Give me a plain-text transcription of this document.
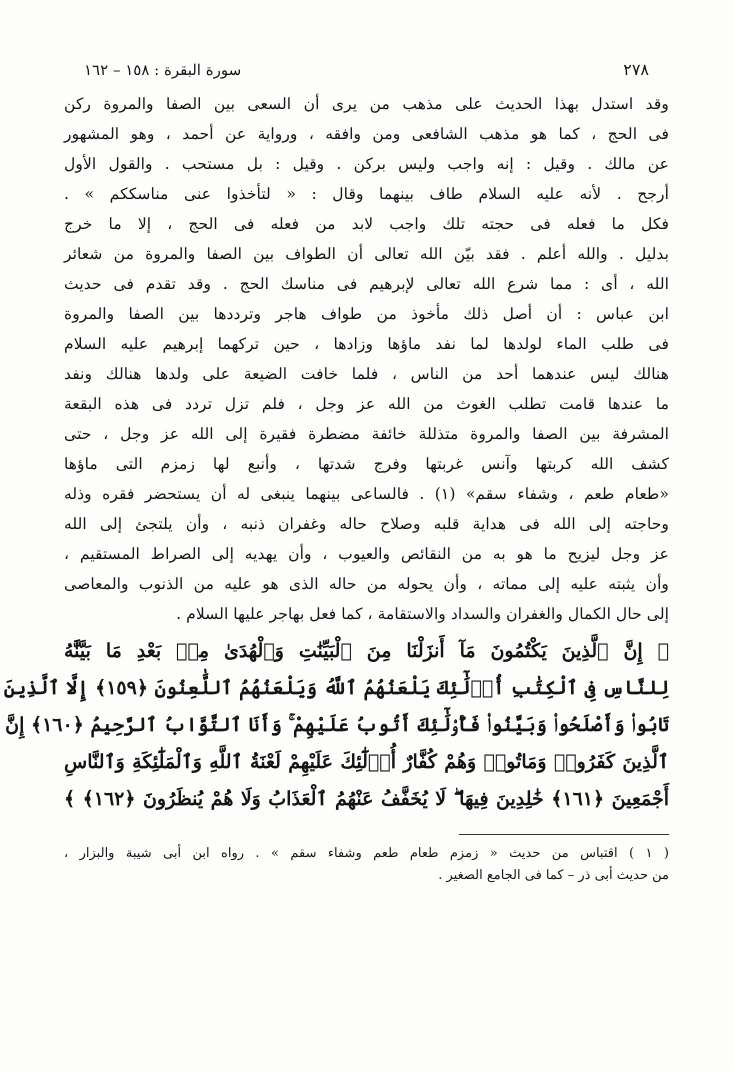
سورة البقرة : ١٥٨ – ١٦٢	٢٧٨
وقد استدل بهذا الحديث على مذهب من يرى أن السعى بين الصفا والمروة ركن
فى الحج ، كما هو مذهب الشافعى ومن وافقه ، ورواية عن أحمد ، وهو المشهور
عن مالك . وقيل : إنه واجب وليس بركن . وقيل : بل مستحب . والقول الأول
أرجح . لأنه عليه السلام طاف بينهما وقال : « لتأخذوا عنى مناسككم » .
فكل ما فعله فى حجته تلك واجب لابد من فعله فى الحج ، إلا ما خرج
بدليل . والله أعلم . فقد بيّن الله تعالى أن الطواف بين الصفا والمروة من شعائر
الله ، أى : مما شرع الله تعالى لإبرهيم فى مناسك الحج . وقد تقدم فى حديث
ابن عباس : أن أصل ذلك مأخوذ من طواف هاجر وترددها بين الصفا والمروة
فى طلب الماء لولدها لما نفد ماؤها وزادها ، حين تركهما إبرهيم عليه السلام
هنالك ليس عندهما أحد من الناس ، فلما خافت الضيعة على ولدها هنالك ونفد
ما عندها قامت تطلب الغوث من الله عز وجل ، فلم تزل تردد فى هذه البقعة
المشرفة بين الصفا والمروة متذللة خائفة مضطرة فقيرة إلى الله عز وجل ، حتى
كشف الله كربتها وآنس غربتها وفرج شدتها ، وأنبع لها زمزم التى ماؤها
«طعام طعم ، وشفاء سقم» (١) . فالساعى بينهما ينبغى له أن يستحضر فقره وذله
وحاجته إلى الله فى هداية قلبه وصلاح حاله وغفران ذنبه ، وأن يلتجئ إلى الله
عز وجل ليزيح ما هو به من النقائص والعيوب ، وأن يهديه إلى الصراط المستقيم ،
وأن يثبته عليه إلى مماته ، وأن يحوله من حاله الذى هو عليه من الذنوب والمعاصى
إلى حال الكمال والغفران والسداد والاستقامة ، كما فعل بهاجر عليها السلام .
﴿ إِنَّ ٱلَّذِينَ يَكْتُمُونَ مَآ أَنزَلْنَا مِنَ ٱلْبَيِّنَٰتِ وَٱلْهُدَىٰ مِنۢ بَعْدِ مَا بَيَّنَّٰهُ
لِلنَّاسِ فِى ٱلْكِتَٰبِ أُو۟لَٰٓئِكَ يَلْعَنُهُمُ ٱللَّهُ وَيَلْعَنُهُمُ ٱللَّٰعِنُونَ ﴿١٥٩﴾ إِلَّا ٱلَّذِينَ
تَابُوا۟ وَأَصْلَحُوا۟ وَبَيَّنُوا۟ فَأُو۟لَٰٓئِكَ أَتُوبُ عَلَيْهِمْ ۚ وَأَنَا ٱلتَّوَّابُ ٱلرَّحِيمُ ﴿١٦٠﴾ إِنَّ
ٱلَّذِينَ كَفَرُوا۟ وَمَاتُوا۟ وَهُمْ كُفَّارٌ أُو۟لَٰٓئِكَ عَلَيْهِمْ لَعْنَةُ ٱللَّهِ وَٱلْمَلَٰٓئِكَةِ وَٱلنَّاسِ
أَجْمَعِينَ ﴿١٦١﴾ خَٰلِدِينَ فِيهَا ۖ لَا يُخَفَّفُ عَنْهُمُ ٱلْعَذَابُ وَلَا هُمْ يُنظَرُونَ ﴿١٦٢﴾ ﴾
( ١ ) اقتباس من حديث « زمزم طعام طعم وشفاء سقم » . رواه ابن أبى شيبة والبزار ،
من حديث أبى ذر – كما فى الجامع الصغير .
